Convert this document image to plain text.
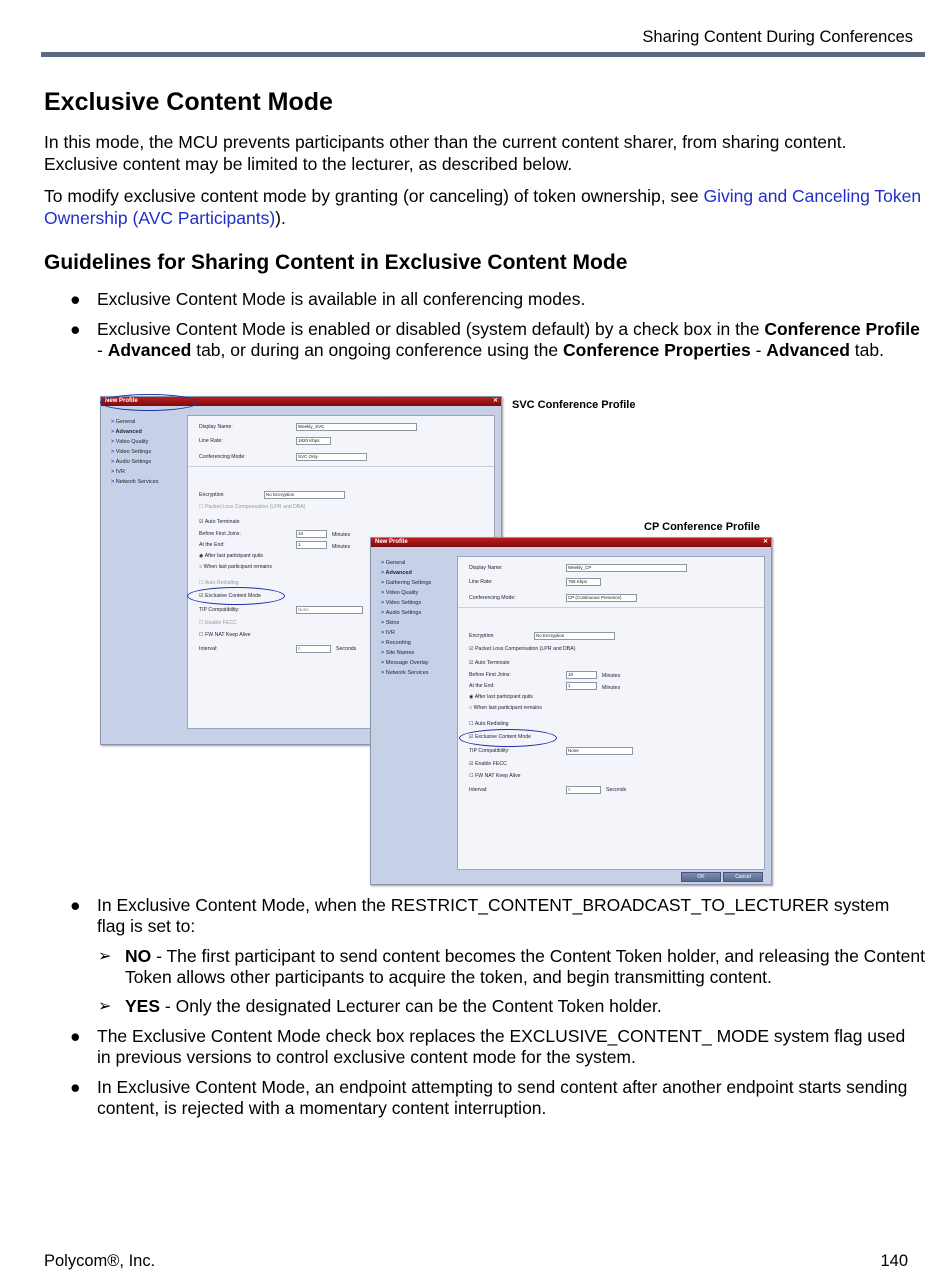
Sharing Content During Conferences
Exclusive Content Mode

In this mode, the MCU prevents participants other than the current content sharer, from sharing content. Exclusive content may be limited to the lecturer, as described below.

To modify exclusive content mode by granting (or canceling) of token ownership, see Giving and Canceling Token Ownership (AVC Participants)).

Guidelines for Sharing Content in Exclusive Content Mode
● Exclusive Content Mode is available in all conferencing modes.

● Exclusive Content Mode is enabled or disabled (system default) by a check box in the Conference Profile - Advanced tab, or during an ongoing conference using the Conference Properties - Advanced tab.

New Profile	✕
> General
> Advanced
> Video Quality
> Video Settings
> Audio Settings
> IVR
> Network Services
Display Name:	Weekly_SVC
Line Rate:	1920 Kbps
Conferencing Mode:	SVC Only
Encryption	No Encryption
☐ Packet Loss Compensation (LPR and DBA)
☑ Auto Terminate
Before First Joins:	10	Minutes
At the End:	1	Minutes
◉ After last participant quits
○ When last participant remains
☐ Auto Redialing
☑ Exclusive Content Mode
TIP Compatibility:	None
☐ Enable FECC
☐ FW NAT Keep Alive
Interval:	0	Seconds
SVC Conference Profile
CP Conference Profile
New Profile	✕
> General
> Advanced
> Gathering Settings
> Video Quality
> Video Settings
> Audio Settings
> Skins
> IVR
> Recording
> Site Names
> Message Overlay
> Network Services
Display Name:	Weekly_CP
Line Rate:	768 Kbps
Conferencing Mode:	CP (Continuous Presence)
Encryption	No Encryption
☑ Packet Loss Compensation (LPR and DBA)
☑ Auto Terminate
Before First Joins:	10	Minutes
At the End:	1	Minutes
◉ After last participant quits
○ When last participant remains
☐ Auto Redialing
☑ Exclusive Content Mode
TIP Compatibility:	None
☑ Enable FECC
☐ FW NAT Keep Alive
Interval:	0	Seconds
OK	Cancel
● In Exclusive Content Mode, when the RESTRICT_CONTENT_BROADCAST_TO_LECTURER system flag is set to:

➢ NO - The first participant to send content becomes the Content Token holder, and releasing the Content Token allows other participants to acquire the token, and begin transmitting content.

➢ YES - Only the designated Lecturer can be the Content Token holder.

● The Exclusive Content Mode check box replaces the EXCLUSIVE_CONTENT_ MODE system flag used in previous versions to control exclusive content mode for the system.

● In Exclusive Content Mode, an endpoint attempting to send content after another endpoint starts sending content, is rejected with a momentary content interruption.

Polycom®, Inc.	140
